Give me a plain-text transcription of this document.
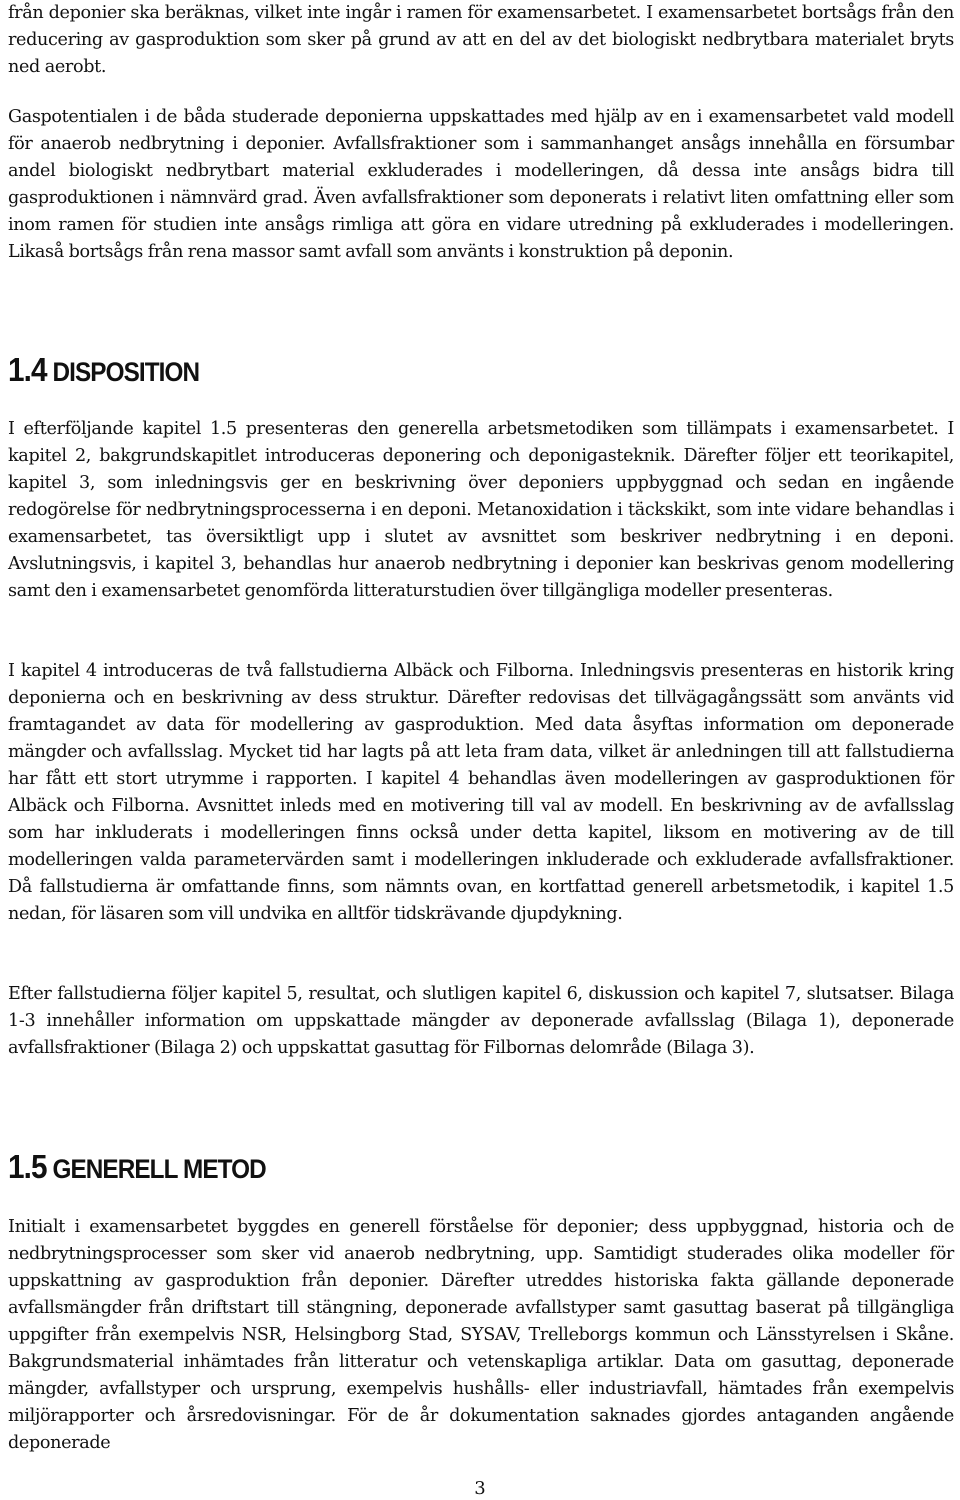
från deponier ska beräknas, vilket inte ingår i ramen för examensarbetet. I examensarbetet bortsågs från den reducering av gasproduktion som sker på grund av att en del av det biologiskt nedbrytbara materialet bryts ned aerobt.

Gaspotentialen i de båda studerade deponierna uppskattades med hjälp av en i examensarbetet vald modell för anaerob nedbrytning i deponier. Avfallsfraktioner som i sammanhanget ansågs innehålla en försumbar andel biologiskt nedbrytbart material exkluderades i modelleringen, då dessa inte ansågs bidra till gasproduktionen i nämnvärd grad. Även avfallsfraktioner som deponerats i relativt liten omfattning eller som inom ramen för studien inte ansågs rimliga att göra en vidare utredning på exkluderades i modelleringen. Likaså bortsågs från rena massor samt avfall som använts i konstruktion på deponin.

1.4 DISPOSITION

I efterföljande kapitel 1.5 presenteras den generella arbetsmetodiken som tillämpats i examensarbetet. I kapitel 2, bakgrundskapitlet introduceras deponering och deponigasteknik. Därefter följer ett teorikapitel, kapitel 3, som inledningsvis ger en beskrivning över deponiers uppbyggnad och sedan en ingående redogörelse för nedbrytningsprocesserna i en deponi. Metanoxidation i täckskikt, som inte vidare behandlas i examensarbetet, tas översiktligt upp i slutet av avsnittet som beskriver nedbrytning i en deponi. Avslutningsvis, i kapitel 3, behandlas hur anaerob nedbrytning i deponier kan beskrivas genom modellering samt den i examensarbetet genomförda litteraturstudien över tillgängliga modeller presenteras.

I kapitel 4 introduceras de två fallstudierna Albäck och Filborna. Inledningsvis presenteras en historik kring deponierna och en beskrivning av dess struktur. Därefter redovisas det tillvägagångssätt som använts vid framtagandet av data för modellering av gasproduktion. Med data åsyftas information om deponerade mängder och avfallsslag. Mycket tid har lagts på att leta fram data, vilket är anledningen till att fallstudierna har fått ett stort utrymme i rapporten. I kapitel 4 behandlas även modelleringen av gasproduktionen för Albäck och Filborna. Avsnittet inleds med en motivering till val av modell. En beskrivning av de avfallsslag som har inkluderats i modelleringen finns också under detta kapitel, liksom en motivering av de till modelleringen valda parametervärden samt i modelleringen inkluderade och exkluderade avfallsfraktioner. Då fallstudierna är omfattande finns, som nämnts ovan, en kortfattad generell arbetsmetodik, i kapitel 1.5 nedan, för läsaren som vill undvika en alltför tidskrävande djupdykning.

Efter fallstudierna följer kapitel 5, resultat, och slutligen kapitel 6, diskussion och kapitel 7, slutsatser. Bilaga 1-3 innehåller information om uppskattade mängder av deponerade avfallsslag (Bilaga 1), deponerade avfallsfraktioner (Bilaga 2) och uppskattat gasuttag för Filbornas delområde (Bilaga 3).

1.5 GENERELL METOD

Initialt i examensarbetet byggdes en generell förståelse för deponier; dess uppbyggnad, historia och de nedbrytningsprocesser som sker vid anaerob nedbrytning, upp. Samtidigt studerades olika modeller för uppskattning av gasproduktion från deponier. Därefter utreddes historiska fakta gällande deponerade avfallsmängder från driftstart till stängning, deponerade avfallstyper samt gasuttag baserat på tillgängliga uppgifter från exempelvis NSR, Helsingborg Stad, SYSAV, Trelleborgs kommun och Länsstyrelsen i Skåne. Bakgrundsmaterial inhämtades från litteratur och vetenskapliga artiklar. Data om gasuttag, deponerade mängder, avfallstyper och ursprung, exempelvis hushålls- eller industriavfall, hämtades från exempelvis miljörapporter och årsredovisningar. För de år dokumentation saknades gjordes antaganden angående deponerade

3
